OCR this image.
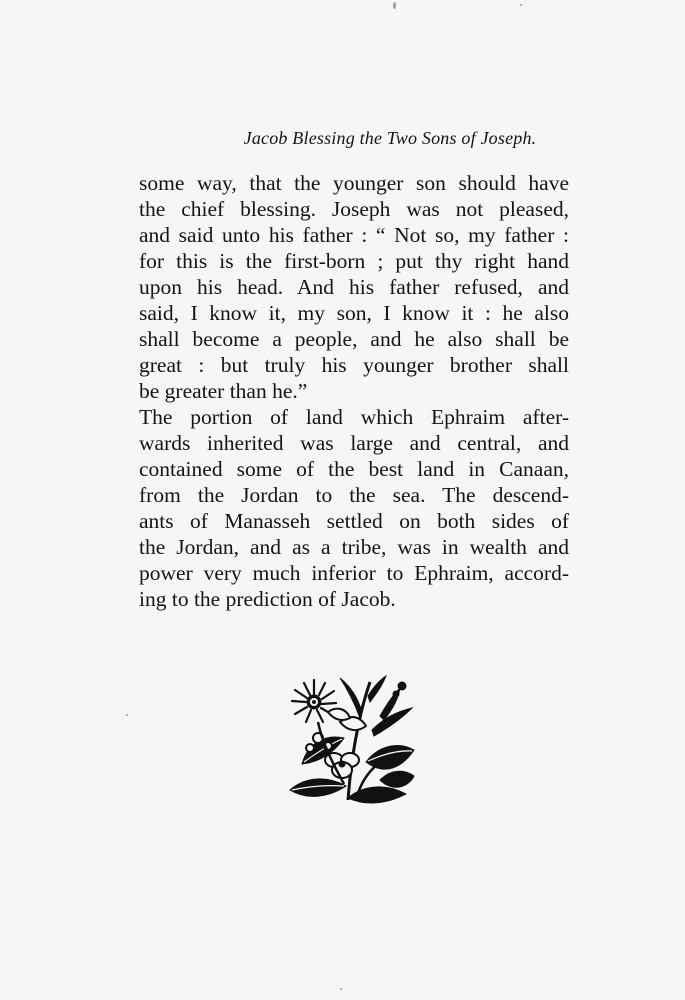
Jacob Blessing the Two Sons of Joseph.

some way, that the younger son should have
the chief blessing. Joseph was not pleased,
and said unto his father : “ Not so, my father :
for this is the first-born ; put thy right hand
upon his head. And his father refused, and
said, I know it, my son, I know it : he also
shall become a people, and he also shall be
great : but truly his younger brother shall
be greater than he.”

The portion of land which Ephraim after-
wards inherited was large and central, and
contained some of the best land in Canaan,
from the Jordan to the sea. The descend-
ants of Manasseh settled on both sides of
the Jordan, and as a tribe, was in wealth and
power very much inferior to Ephraim, accord-
ing to the prediction of Jacob.
